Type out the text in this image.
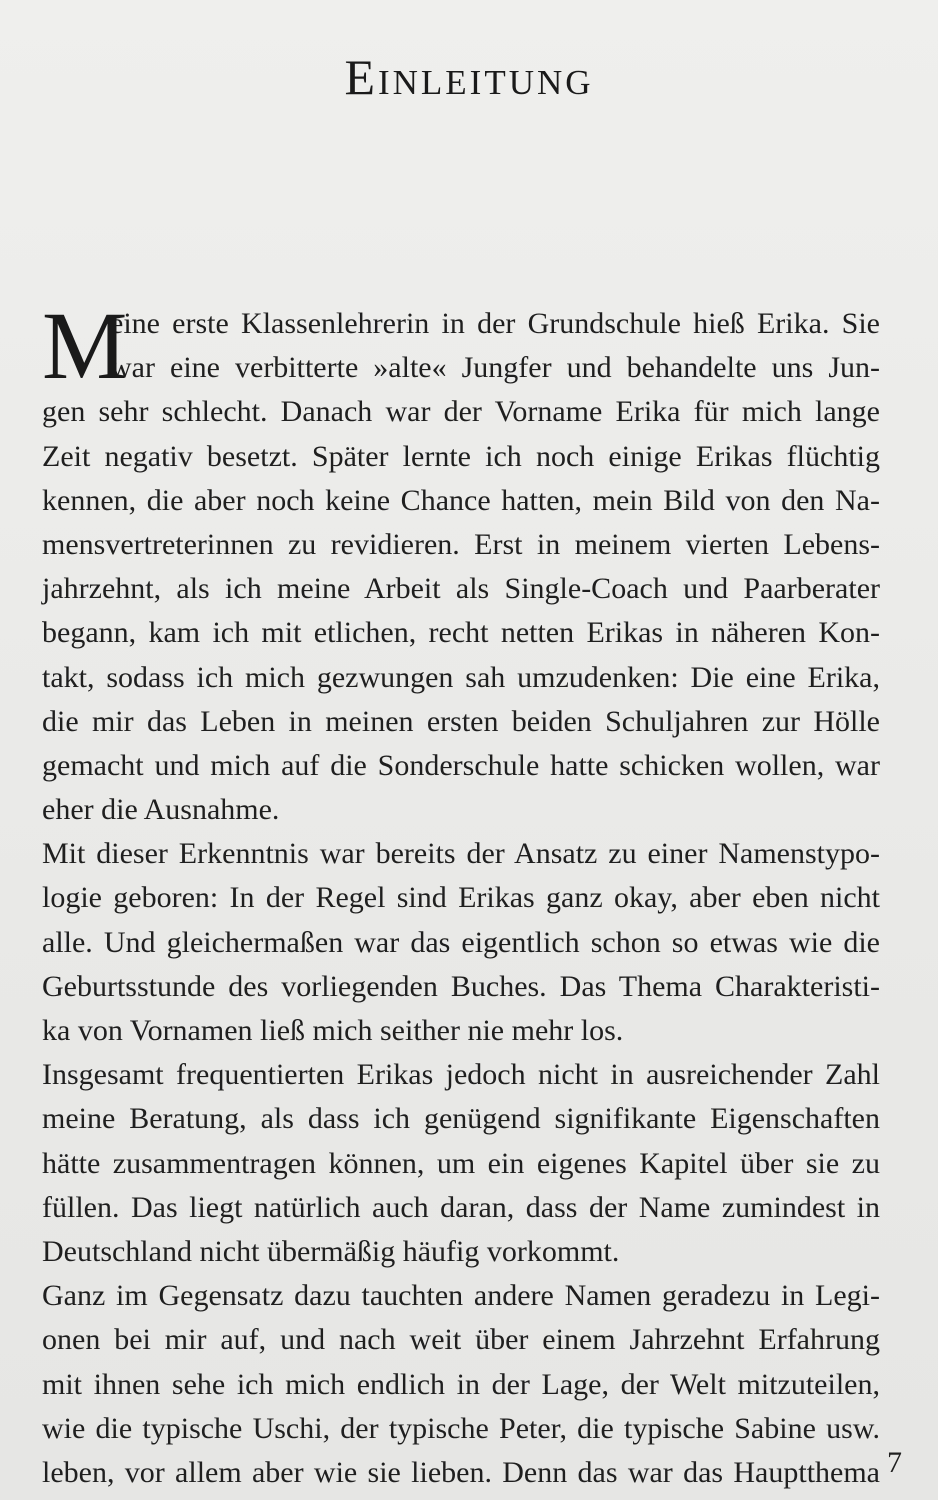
Einleitung
M
eine erste Klassenlehrerin in der Grundschule hieß Erika. Sie
war eine verbitterte »alte« Jungfer und behandelte uns Jun-
gen sehr schlecht. Danach war der Vorname Erika für mich lange
Zeit negativ besetzt. Später lernte ich noch einige Erikas flüchtig
kennen, die aber noch keine Chance hatten, mein Bild von den Na-
mensvertreterinnen zu revidieren. Erst in meinem vierten Lebens-
jahrzehnt, als ich meine Arbeit als Single-Coach und Paarberater
begann, kam ich mit etlichen, recht netten Erikas in näheren Kon-
takt, sodass ich mich gezwungen sah umzudenken: Die eine Erika,
die mir das Leben in meinen ersten beiden Schuljahren zur Hölle
gemacht und mich auf die Sonderschule hatte schicken wollen, war
eher die Ausnahme.
Mit dieser Erkenntnis war bereits der Ansatz zu einer Namenstypo-
logie geboren: In der Regel sind Erikas ganz okay, aber eben nicht
alle. Und gleichermaßen war das eigentlich schon so etwas wie die
Geburtsstunde des vorliegenden Buches. Das Thema Charakteristi-
ka von Vornamen ließ mich seither nie mehr los.
Insgesamt frequentierten Erikas jedoch nicht in ausreichender Zahl
meine Beratung, als dass ich genügend signifikante Eigenschaften
hätte zusammentragen können, um ein eigenes Kapitel über sie zu
füllen. Das liegt natürlich auch daran, dass der Name zumindest in
Deutschland nicht übermäßig häufig vorkommt.
Ganz im Gegensatz dazu tauchten andere Namen geradezu in Legi-
onen bei mir auf, und nach weit über einem Jahrzehnt Erfahrung
mit ihnen sehe ich mich endlich in der Lage, der Welt mitzuteilen,
wie die typische Uschi, der typische Peter, die typische Sabine usw.
leben, vor allem aber wie sie lieben. Denn das war das Hauptthema 7
